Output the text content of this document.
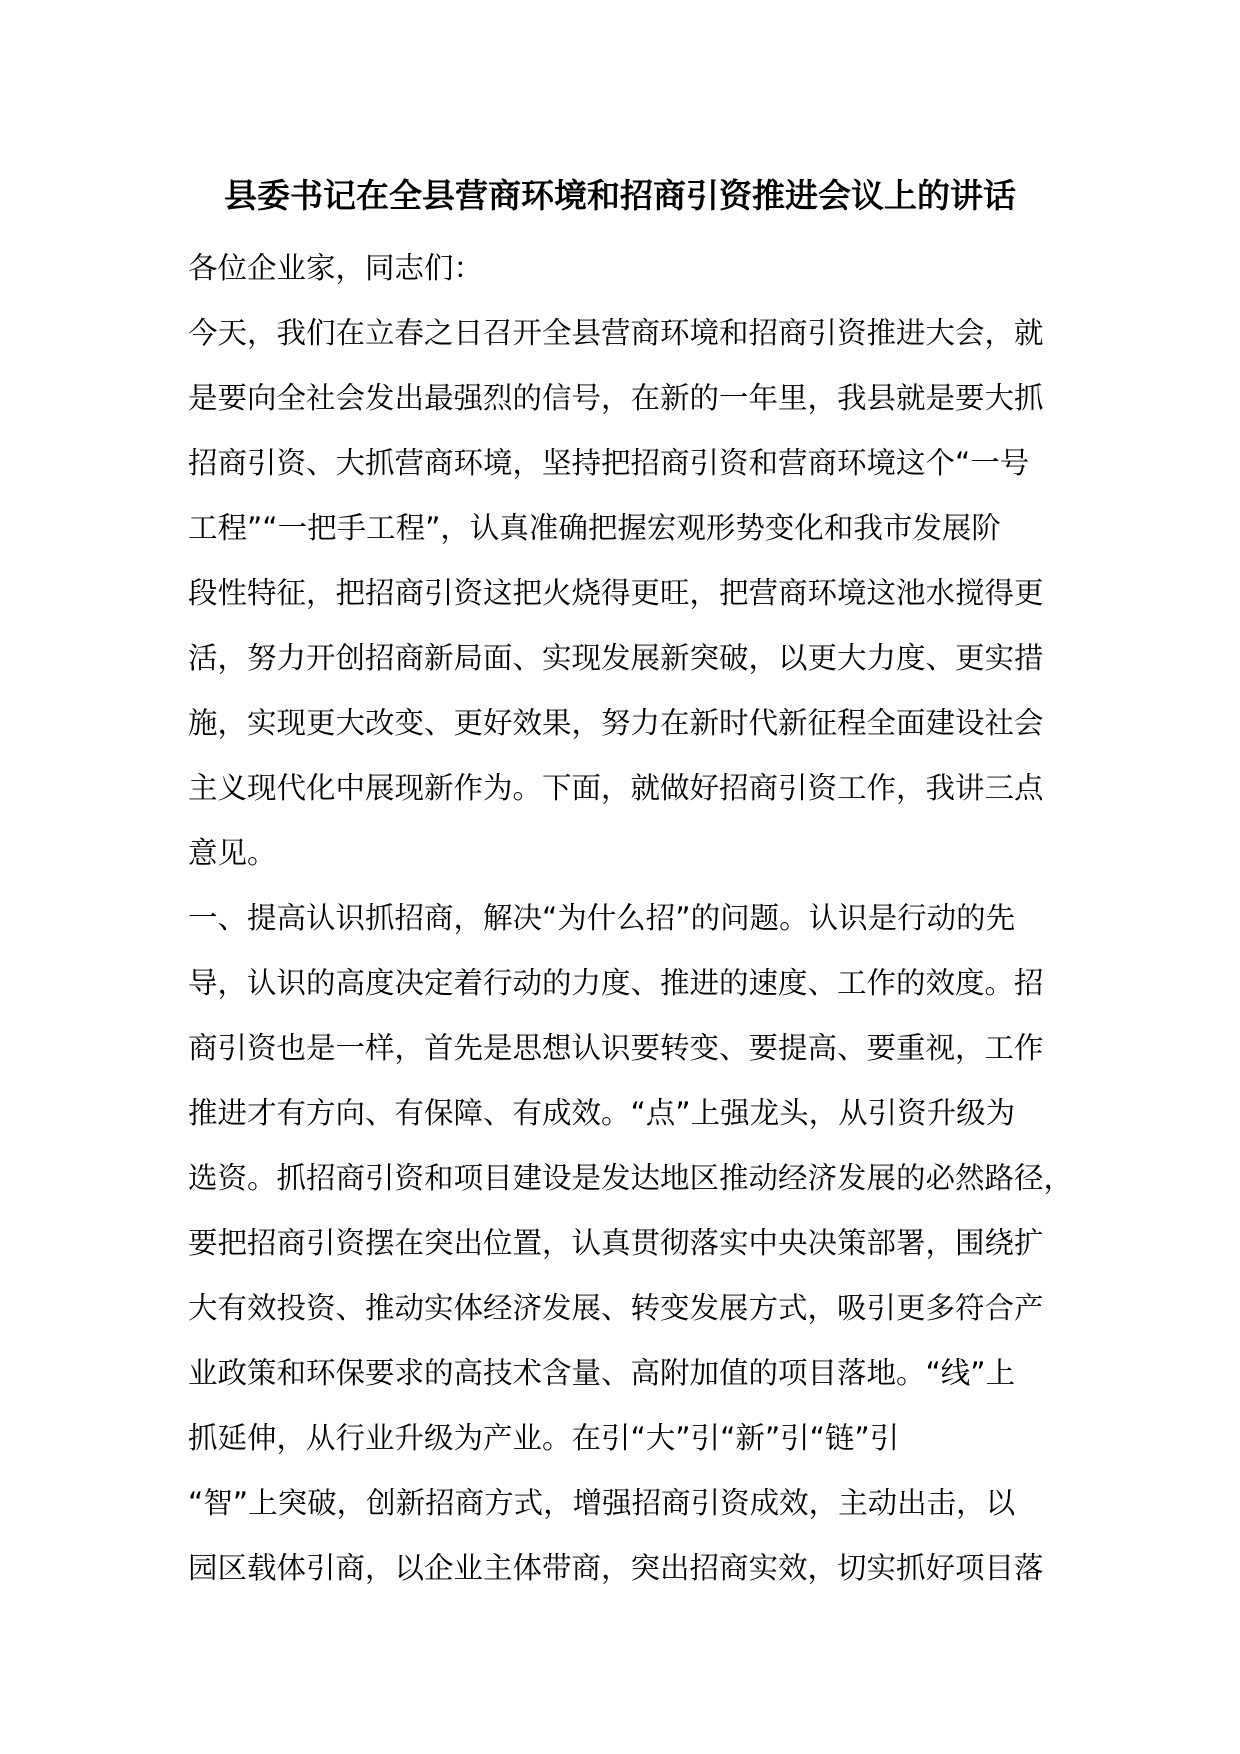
县委书记在全县营商环境和招商引资推进会议上的讲话
各位企业家，同志们：
今天，我们在立春之日召开全县营商环境和招商引资推进大会，就
是要向全社会发出最强烈的信号，在新的一年里，我县就是要大抓
招商引资、大抓营商环境，坚持把招商引资和营商环境这个“一号
工程”“一把手工程”，认真准确把握宏观形势变化和我市发展阶
段性特征，把招商引资这把火烧得更旺，把营商环境这池水搅得更
活，努力开创招商新局面、实现发展新突破，以更大力度、更实措
施，实现更大改变、更好效果，努力在新时代新征程全面建设社会
主义现代化中展现新作为。下面，就做好招商引资工作，我讲三点
意见。
一、提高认识抓招商，解决“为什么招”的问题。认识是行动的先
导，认识的高度决定着行动的力度、推进的速度、工作的效度。招
商引资也是一样，首先是思想认识要转变、要提高、要重视，工作
推进才有方向、有保障、有成效。“点”上强龙头，从引资升级为
选资。抓招商引资和项目建设是发达地区推动经济发展的必然路径，
要把招商引资摆在突出位置，认真贯彻落实中央决策部署，围绕扩
大有效投资、推动实体经济发展、转变发展方式，吸引更多符合产
业政策和环保要求的高技术含量、高附加值的项目落地。“线”上
抓延伸，从行业升级为产业。在引“大”引“新”引“链”引
“智”上突破，创新招商方式，增强招商引资成效，主动出击，以
园区载体引商，以企业主体带商，突出招商实效，切实抓好项目落
